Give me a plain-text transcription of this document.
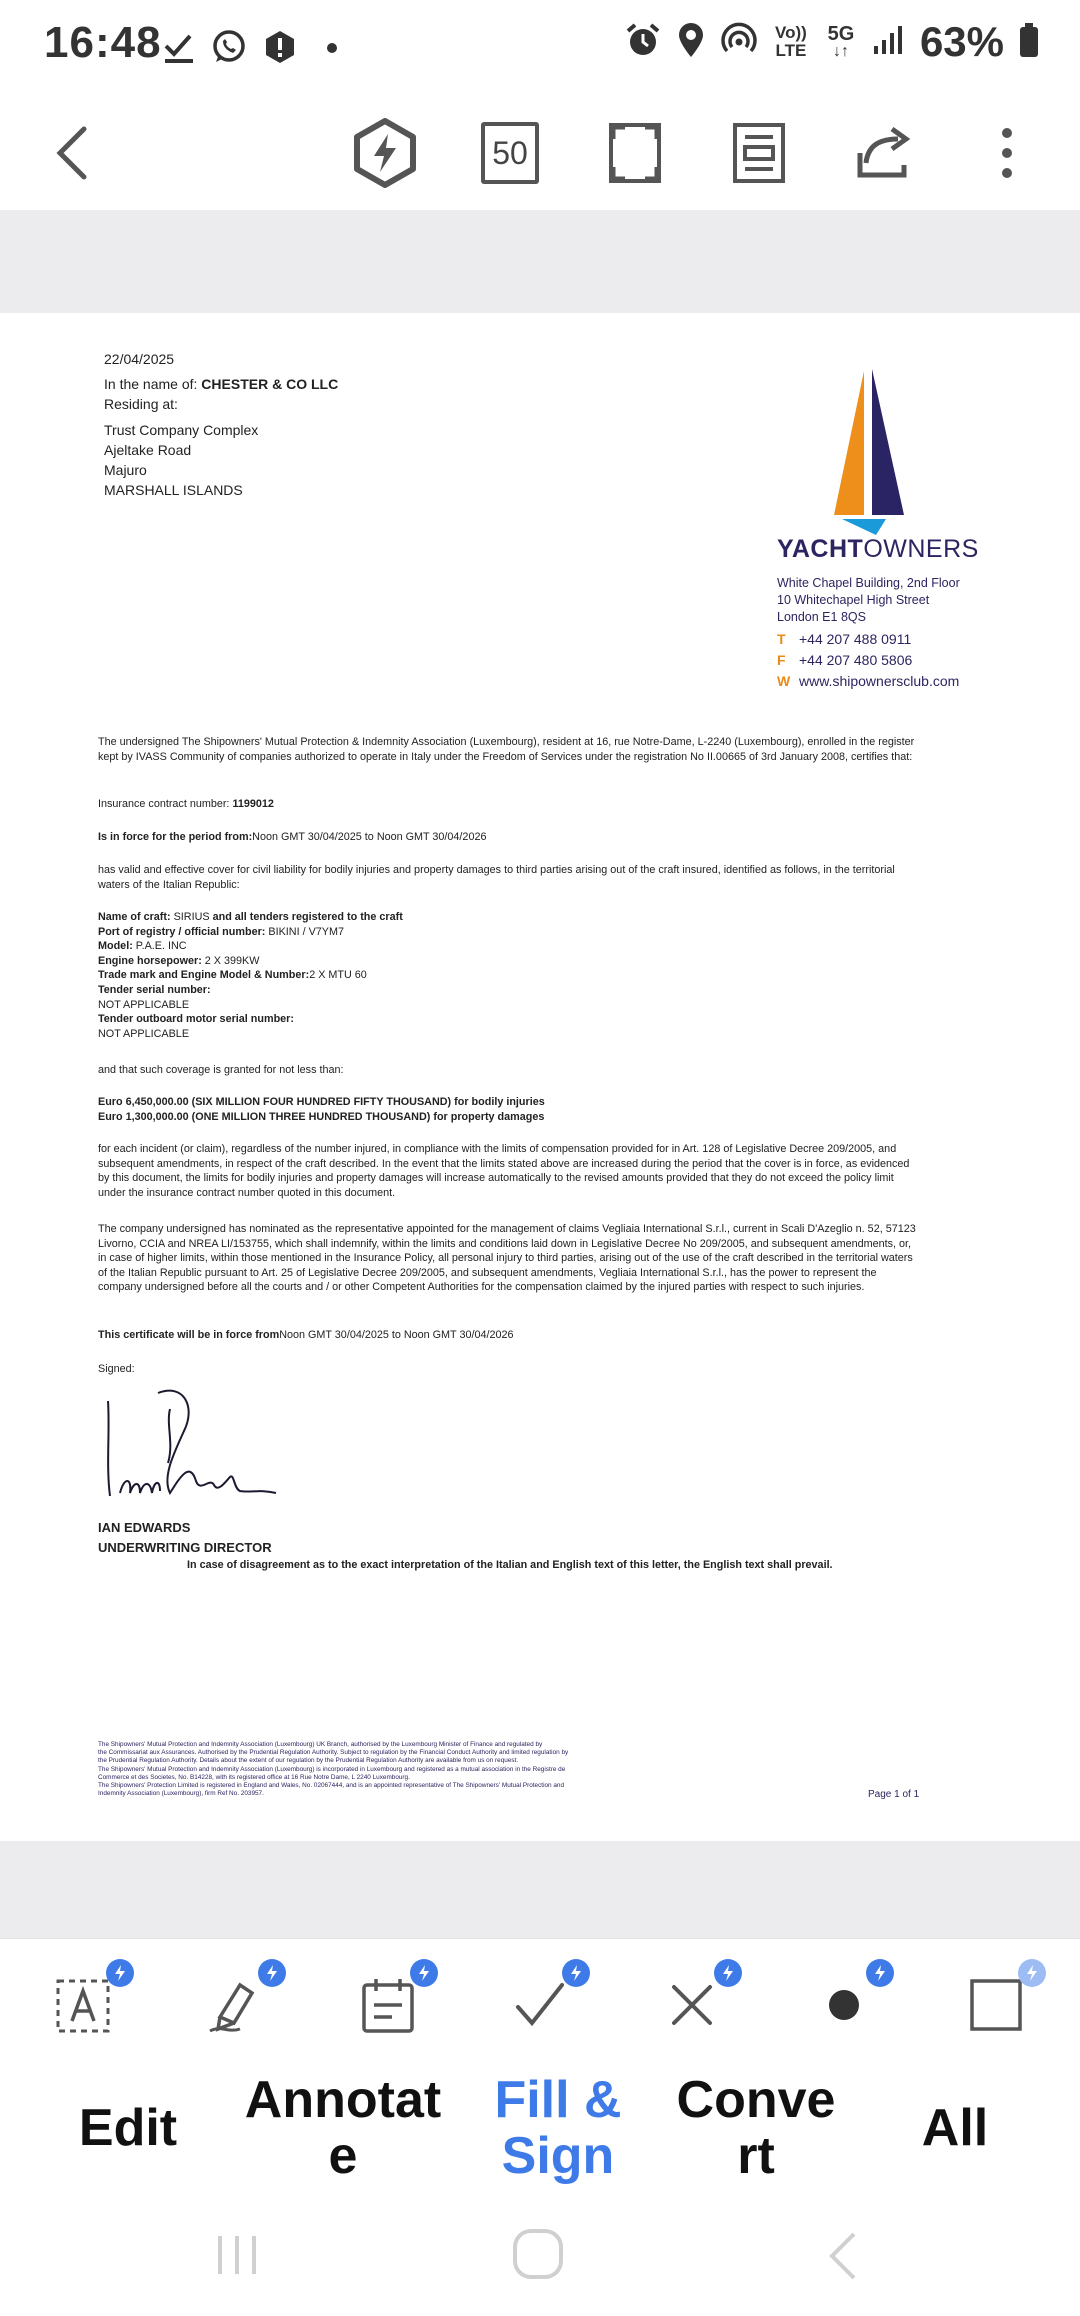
16:48	Vo))
LTE
5G
↓↑ 63%
50
22/04/2025
In the name of: CHESTER & CO LLC
Residing at:
Trust Company Complex
Ajeltake Road
Majuro
MARSHALL ISLANDS
YACHTOWNERS
White Chapel Building, 2nd Floor
10 Whitechapel High Street
London E1 8QS
T +44 207 488 0911
F +44 207 480 5806
W www.shipownersclub.com
The undersigned The Shipowners' Mutual Protection & Indemnity Association (Luxembourg), resident at 16, rue Notre-Dame, L-2240 (Luxembourg), enrolled in the register kept by IVASS Community of companies authorized to operate in Italy under the Freedom of Services under the registration No II.00665 of 3rd January 2008, certifies that:
Insurance contract number: 1199012
Is in force for the period from:Noon GMT 30/04/2025 to Noon GMT 30/04/2026
has valid and effective cover for civil liability for bodily injuries and property damages to third parties arising out of the craft insured, identified as follows, in the territorial waters of the Italian Republic:
Name of craft: SIRIUS and all tenders registered to the craft
Port of registry / official number: BIKINI / V7YM7
Model: P.A.E. INC
Engine horsepower: 2 X 399KW
Trade mark and Engine Model & Number:2 X MTU 60
Tender serial number:
NOT APPLICABLE
Tender outboard motor serial number:
NOT APPLICABLE
and that such coverage is granted for not less than:
Euro 6,450,000.00 (SIX MILLION FOUR HUNDRED FIFTY THOUSAND) for bodily injuries
Euro 1,300,000.00 (ONE MILLION THREE HUNDRED THOUSAND) for property damages
for each incident (or claim), regardless of the number injured, in compliance with the limits of compensation provided for in Art. 128 of Legislative Decree 209/2005, and subsequent amendments, in respect of the craft described. In the event that the limits stated above are increased during the period that the cover is in force, as evidenced by this document, the limits for bodily injuries and property damages will increase automatically to the revised amounts provided that they do not exceed the policy limit under the insurance contract number quoted in this document.
The company undersigned has nominated as the representative appointed for the management of claims Vegliaia International S.r.l., current in Scali D'Azeglio n. 52, 57123 Livorno, CCIA and NREA LI/153755, which shall indemnify, within the limits and conditions laid down in Legislative Decree No 209/2005, and subsequent amendments, or, in case of higher limits, within those mentioned in the Insurance Policy, all personal injury to third parties, arising out of the use of the craft described in the territorial waters of the Italian Republic pursuant to Art. 25 of Legislative Decree 209/2005, and subsequent amendments, Vegliaia International S.r.l., has the power to represent the company undersigned before all the courts and / or other Competent Authorities for the compensation claimed by the injured parties with respect to such injuries.
This certificate will be in force fromNoon GMT 30/04/2025 to Noon GMT 30/04/2026
Signed:
IAN EDWARDS
UNDERWRITING DIRECTOR
In case of disagreement as to the exact interpretation of the Italian and English text of this letter, the English text shall prevail.
The Shipowners' Mutual Protection and Indemnity Association (Luxembourg) UK Branch, authorised by the Luxembourg Minister of Finance and regulated by
the Commissariat aux Assurances. Authorised by the Prudential Regulation Authority. Subject to regulation by the Financial Conduct Authority and limited regulation by
the Prudential Regulation Authority. Details about the extent of our regulation by the Prudential Regulation Authority are available from us on request.
The Shipowners' Mutual Protection and Indemnity Association (Luxembourg) is incorporated in Luxembourg and registered as a mutual association in the Registre de
Commerce et des Societes, No. B14228, with its registered office at 16 Rue Notre Dame, L 2240 Luxembourg.
The Shipowners' Protection Limited is registered in England and Wales, No. 02067444, and is an appointed representative of The Shipowners' Mutual Protection and
Indemnity Association (Luxembourg), firm Ref No. 203957.	Page 1 of 1
Edit	Annotat
e
Fill &
Sign
Conve
rt	All
